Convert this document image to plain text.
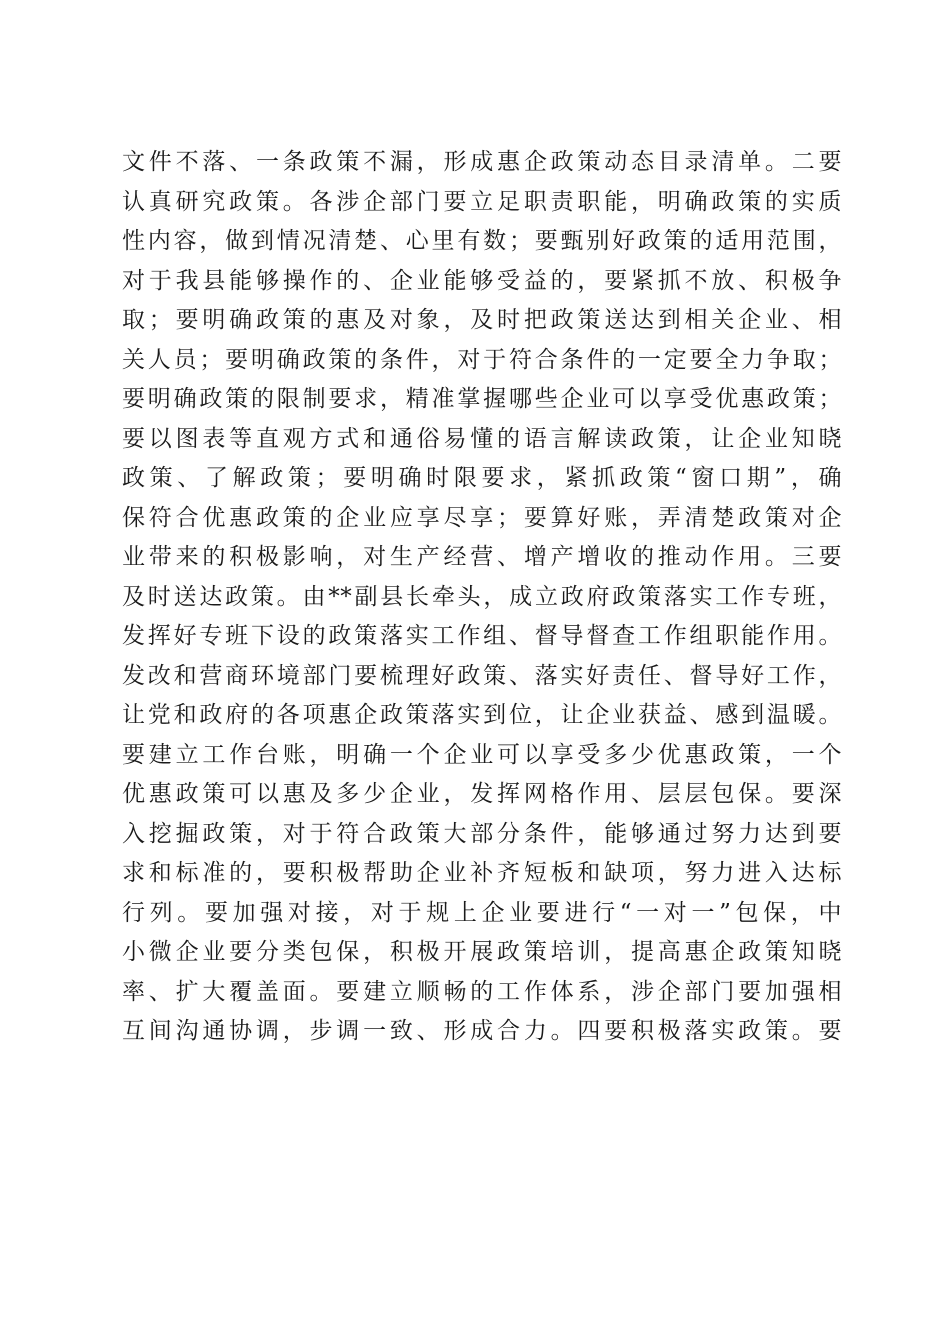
文件不落、一条政策不漏，形成惠企政策动态目录清单。二要
认真研究政策。各涉企部门要立足职责职能，明确政策的实质
性内容，做到情况清楚、心里有数；要甄别好政策的适用范围，
对于我县能够操作的、企业能够受益的，要紧抓不放、积极争
取；要明确政策的惠及对象，及时把政策送达到相关企业、相
关人员；要明确政策的条件，对于符合条件的一定要全力争取；
要明确政策的限制要求，精准掌握哪些企业可以享受优惠政策；
要以图表等直观方式和通俗易懂的语言解读政策，让企业知晓
政策、了解政策；要明确时限要求，紧抓政策“窗口期”，确
保符合优惠政策的企业应享尽享；要算好账，弄清楚政策对企
业带来的积极影响，对生产经营、增产增收的推动作用。三要
及时送达政策。由**副县长牵头，成立政府政策落实工作专班，
发挥好专班下设的政策落实工作组、督导督查工作组职能作用。
发改和营商环境部门要梳理好政策、落实好责任、督导好工作，
让党和政府的各项惠企政策落实到位，让企业获益、感到温暖。
要建立工作台账，明确一个企业可以享受多少优惠政策，一个
优惠政策可以惠及多少企业，发挥网格作用、层层包保。要深
入挖掘政策，对于符合政策大部分条件，能够通过努力达到要
求和标准的，要积极帮助企业补齐短板和缺项，努力进入达标
行列。要加强对接，对于规上企业要进行“一对一”包保，中
小微企业要分类包保，积极开展政策培训，提高惠企政策知晓
率、扩大覆盖面。要建立顺畅的工作体系，涉企部门要加强相
互间沟通协调，步调一致、形成合力。四要积极落实政策。要
